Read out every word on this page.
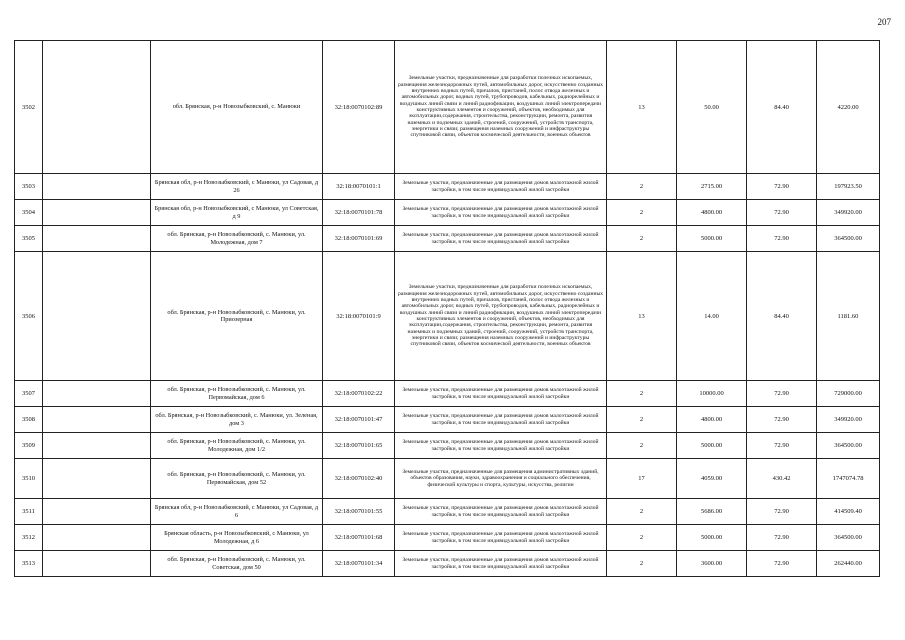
207
3502		обл. Брянская, р-н Новозыбковский, с. Манюки	32:18:0070102:89	Земельные участки, предназначенные для разработки полезных ископаемых, размещения железнодорожных путей, автомобильных дорог, искусственно созданных внутренних водных путей, причалов, пристаней, полос отвода железных и автомобильных дорог, водных путей, трубопроводов, кабельных, радиорелейных и воздушных линий связи и линий радиофикации, воздушных линий электропередачи конструктивных элементов и сооружений, объектов, необходимых для эксплуатации,содержания, строительства, реконструкции, ремонта, развития наземных и подземных зданий, строений, сооружений, устройств транспорта, энергетики и связи; размещения наземных сооружений и инфраструктуры спутниковой связи, объектов космической деятельности, военных объектов	13	50.00	84.40	4220.00
3503		Брянская обл, р-н Новозыбковский, с Манюки, ул Садовая, д 26	32:18:0070101:1	Земельные участки, предназначенные для размещения домов малоэтажной жилой застройки, в том числе индивидуальной жилой застройки	2	2715.00	72.90	197923.50
3504		Брянская обл, р-н Новозыбковский, с Манюки, ул Советская, д 9	32:18:0070101:78	Земельные участки, предназначенные для размещения домов малоэтажной жилой застройки, в том числе индивидуальной жилой застройки	2	4800.00	72.90	349920.00
3505		обл. Брянская, р-н Новозыбковский, с. Манюки, ул. Молодежная, дом 7	32:18:0070101:69	Земельные участки, предназначенные для размещения домов малоэтажной жилой застройки, в том числе индивидуальной жилой застройки	2	5000.00	72.90	364500.00
3506		обл. Брянская, р-н Новозыбковский, с. Манюки, ул. Приозерная	32:18:0070101:9	Земельные участки, предназначенные для разработки полезных ископаемых, размещения железнодорожных путей, автомобильных дорог, искусственно созданных внутренних водных путей, причалов, пристаней, полос отвода железных и автомобильных дорог, водных путей, трубопроводов, кабельных, радиорелейных и воздушных линий связи и линий радиофикации, воздушных линий электропередачи конструктивных элементов и сооружений, объектов, необходимых для эксплуатации,содержания, строительства, реконструкции, ремонта, развития наземных и подземных зданий, строений, сооружений, устройств транспорта, энергетики и связи; размещения наземных сооружений и инфраструктуры спутниковой связи, объектов космической деятельности, военных объектов	13	14.00	84.40	1181.60
3507		обл. Брянская, р-н Новозыбковский, с. Манюки, ул. Первомайская, дом 6	32:18:0070102:22	Земельные участки, предназначенные для размещения домов малоэтажной жилой застройки, в том числе индивидуальной жилой застройки	2	10000.00	72.90	729000.00
3508		обл. Брянская, р-н Новозыбковский, с. Манюки, ул. Зеленая, дом 3	32:18:0070101:47	Земельные участки, предназначенные для размещения домов малоэтажной жилой застройки, в том числе индивидуальной жилой застройки	2	4800.00	72.90	349920.00
3509		обл. Брянская, р-н Новозыбковский, с. Манюки, ул. Молодежная, дом 1/2	32:18:0070101:65	Земельные участки, предназначенные для размещения домов малоэтажной жилой застройки, в том числе индивидуальной жилой застройки	2	5000.00	72.90	364500.00
3510		обл. Брянская, р-н Новозыбковский, с. Манюки, ул. Первомайская, дом 52	32:18:0070102:40	Земельные участки, предназначенные для размещения административных зданий, объектов образования, науки, здравоохранения и социального обеспечения, физической культуры и спорта, культуры, искусства, религии	17	4059.00	430.42	1747074.78
3511		Брянская обл, р-н Новозыбковский, с Манюки, ул Садовая, д 6	32:18:0070101:55	Земельные участки, предназначенные для размещения домов малоэтажной жилой застройки, в том числе индивидуальной жилой застройки	2	5686.00	72.90	414509.40
3512		Брянская область, р-н Новозыбковский, с Манюки, ул Молодежная, д 6	32:18:0070101:68	Земельные участки, предназначенные для размещения домов малоэтажной жилой застройки, в том числе индивидуальной жилой застройки	2	5000.00	72.90	364500.00
3513		обл. Брянская, р-н Новозыбковский, с. Манюки, ул. Советская, дом 50	32:18:0070101:34	Земельные участки, предназначенные для размещения домов малоэтажной жилой застройки, в том числе индивидуальной жилой застройки	2	3600.00	72.90	262440.00
